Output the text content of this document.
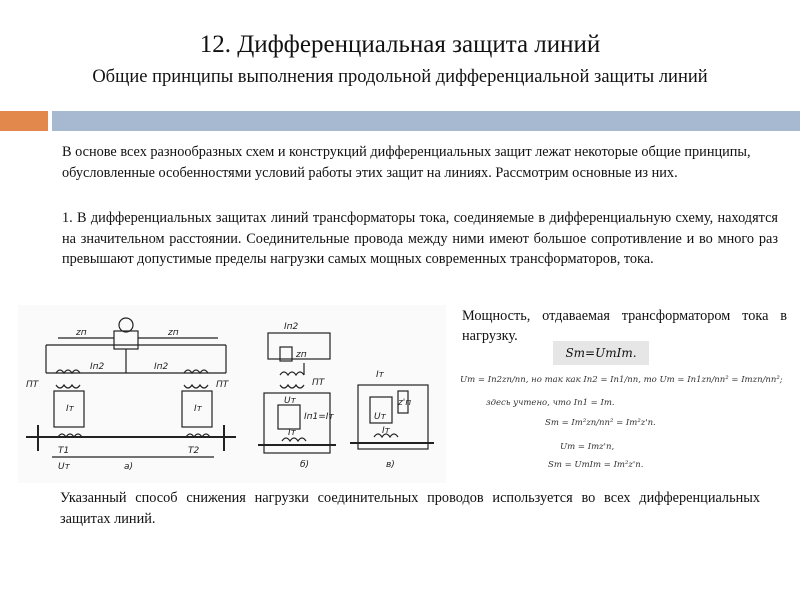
12. Дифференциальная защита линий
Общие принципы выполнения продольной дифференциальной защиты линий
В основе всех разнообразных схем и конструкций дифференциальных защит лежат некоторые общие принципы, обусловленные особенностями условий работы этих защит на линиях. Рассмотрим основные из них.
1. В дифференциальных защитах линий трансформаторы тока, соединяемые в дифференциальную схему, находятся на значительном расстоянии. Соединительные провода между ними имеют большое сопротивление и во много раз превышают допустимые пределы нагрузки самых мощных современных трансформаторов, тока.
Мощность, отдаваемая трансформатором тока в нагрузку.
Sт=UтIт.
Uт = Iп2zп/nп, но так как Iп2 = Iп1/nп, то Uт = Iп1zп/nп² = Iтzп/nп²;
здесь учтено, что Iп1 = Iт.
Sт = Iт²zп/nп² = Iт²z'п.
Uт = Iтz'п,
Sт = UтIт = Iт²z'п.
zп	zп
Iп2	Iп2
ПТ	ПТ
Iт	Iт
T1	T2
Uт	а)
Iп2
zп
ПТ
Uт
Iп1=Iт
Iт
б)
Iт
z'п
Uт
Iт
в)
Указанный способ снижения нагрузки соединительных проводов используется во всех дифференциальных защитах линий.
